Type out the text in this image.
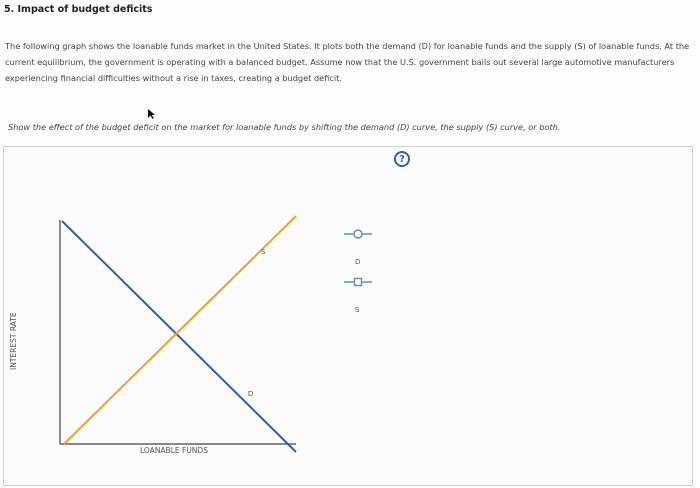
5. Impact of budget deficits
The following graph shows the loanable funds market in the United States. It plots both the demand (D) for loanable funds and the supply (S) of loanable funds. At the current equilibrium, the government is operating with a balanced budget. Assume now that the U.S. government bails out several large automotive manufacturers experiencing financial difficulties without a rise in taxes, creating a budget deficit.
Show the effect of the budget deficit on the market for loanable funds by shifting the demand (D) curve, the supply (S) curve, or both.
?
INTEREST RATE
LOANABLE FUNDS
S
D
D
S
